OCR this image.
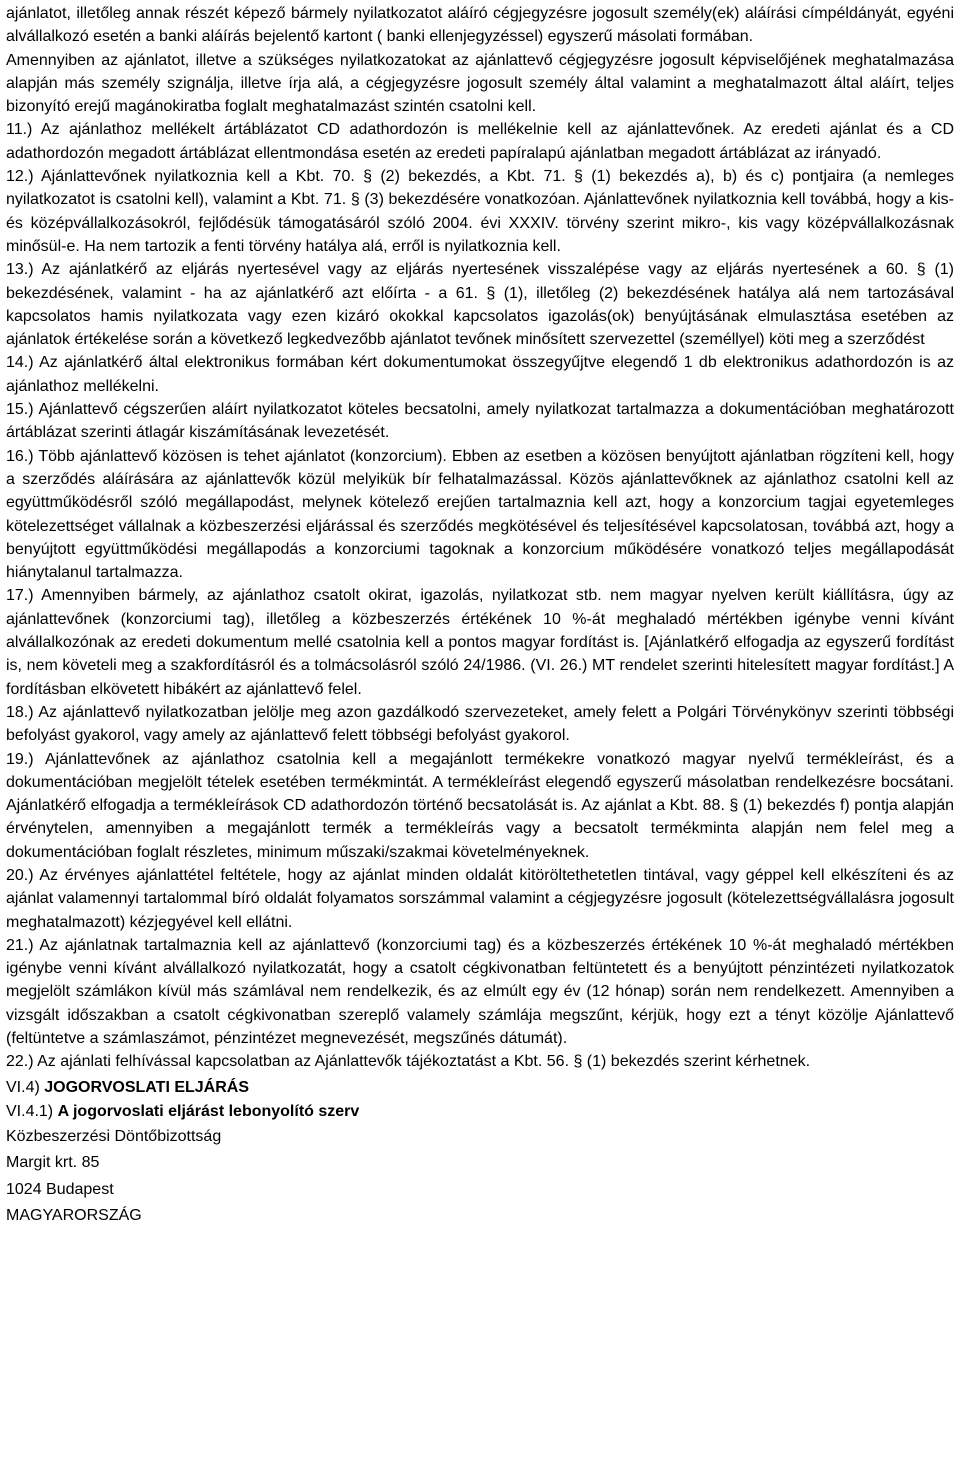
ajánlatot, illetőleg annak részét képező bármely nyilatkozatot aláíró cégjegyzésre jogosult személy(ek) aláírási címpéldányát, egyéni alvállalkozó esetén a banki aláírás bejelentő kartont ( banki ellenjegyzéssel) egyszerű másolati formában.

Amennyiben az ajánlatot, illetve a szükséges nyilatkozatokat az ajánlattevő cégjegyzésre jogosult képviselőjének meghatalmazása alapján más személy szignálja, illetve írja alá, a cégjegyzésre jogosult személy által valamint a meghatalmazott által aláírt, teljes bizonyító erejű magánokiratba foglalt meghatalmazást szintén csatolni kell.

11.) Az ajánlathoz mellékelt ártáblázatot CD adathordozón is mellékelnie kell az ajánlattevőnek. Az eredeti ajánlat és a CD adathordozón megadott ártáblázat ellentmondása esetén az eredeti papíralapú ajánlatban megadott ártáblázat az irányadó.

12.) Ajánlattevőnek nyilatkoznia kell a Kbt. 70. § (2) bekezdés, a Kbt. 71. § (1) bekezdés a), b) és c) pontjaira (a nemleges nyilatkozatot is csatolni kell), valamint a Kbt. 71. § (3) bekezdésére vonatkozóan. Ajánlattevőnek nyilatkoznia kell továbbá, hogy a kis- és középvállalkozásokról, fejlődésük támogatásáról szóló 2004. évi XXXIV. törvény szerint mikro-, kis vagy középvállalkozásnak minősül-e. Ha nem tartozik a fenti törvény hatálya alá, erről is nyilatkoznia kell.

13.) Az ajánlatkérő az eljárás nyertesével vagy az eljárás nyertesének visszalépése vagy az eljárás nyertesének a 60. § (1) bekezdésének, valamint - ha az ajánlatkérő azt előírta - a 61. § (1), illetőleg (2) bekezdésének hatálya alá nem tartozásával kapcsolatos hamis nyilatkozata vagy ezen kizáró okokkal kapcsolatos igazolás(ok) benyújtásának elmulasztása esetében az ajánlatok értékelése során a következő legkedvezőbb ajánlatot tevőnek minősített szervezettel (személlyel) köti meg a szerződést

14.) Az ajánlatkérő által elektronikus formában kért dokumentumokat összegyűjtve elegendő 1 db elektronikus adathordozón is az ajánlathoz mellékelni.

15.) Ajánlattevő cégszerűen aláírt nyilatkozatot köteles becsatolni, amely nyilatkozat tartalmazza a dokumentációban meghatározott ártáblázat szerinti átlagár kiszámításának levezetését.

16.) Több ajánlattevő közösen is tehet ajánlatot (konzorcium). Ebben az esetben a közösen benyújtott ajánlatban rögzíteni kell, hogy a szerződés aláírására az ajánlattevők közül melyikük bír felhatalmazással. Közös ajánlattevőknek az ajánlathoz csatolni kell az együttműködésről szóló megállapodást, melynek kötelező erejűen tartalmaznia kell azt, hogy a konzorcium tagjai egyetemleges kötelezettséget vállalnak a közbeszerzési eljárással és szerződés megkötésével és teljesítésével kapcsolatosan, továbbá azt, hogy a benyújtott együttműködési megállapodás a konzorciumi tagoknak a konzorcium működésére vonatkozó teljes megállapodását hiánytalanul tartalmazza.

17.) Amennyiben bármely, az ajánlathoz csatolt okirat, igazolás, nyilatkozat stb. nem magyar nyelven került kiállításra, úgy az ajánlattevőnek (konzorciumi tag), illetőleg a közbeszerzés értékének 10 %-át meghaladó mértékben igénybe venni kívánt alvállalkozónak az eredeti dokumentum mellé csatolnia kell a pontos magyar fordítást is. [Ajánlatkérő elfogadja az egyszerű fordítást is, nem követeli meg a szakfordításról és a tolmácsolásról szóló 24/1986. (VI. 26.) MT rendelet szerinti hitelesített magyar fordítást.] A fordításban elkövetett hibákért az ajánlattevő felel.

18.) Az ajánlattevő nyilatkozatban jelölje meg azon gazdálkodó szervezeteket, amely felett a Polgári Törvénykönyv szerinti többségi befolyást gyakorol, vagy amely az ajánlattevő felett többségi befolyást gyakorol.

19.) Ajánlattevőnek az ajánlathoz csatolnia kell a megajánlott termékekre vonatkozó magyar nyelvű termékleírást, és a dokumentációban megjelölt tételek esetében termékmintát. A termékleírást elegendő egyszerű másolatban rendelkezésre bocsátani. Ajánlatkérő elfogadja a termékleírások CD adathordozón történő becsatolását is. Az ajánlat a Kbt. 88. § (1) bekezdés f) pontja alapján érvénytelen, amennyiben a megajánlott termék a termékleírás vagy a becsatolt termékminta alapján nem felel meg a dokumentációban foglalt részletes, minimum műszaki/szakmai követelményeknek.

20.) Az érvényes ajánlattétel feltétele, hogy az ajánlat minden oldalát kitöröltethetetlen tintával, vagy géppel kell elkészíteni és az ajánlat valamennyi tartalommal bíró oldalát folyamatos sorszámmal valamint a cégjegyzésre jogosult (kötelezettségvállalásra jogosult meghatalmazott) kézjegyével kell ellátni.

21.) Az ajánlatnak tartalmaznia kell az ajánlattevő (konzorciumi tag) és a közbeszerzés értékének 10 %-át meghaladó mértékben igénybe venni kívánt alvállalkozó nyilatkozatát, hogy a csatolt cégkivonatban feltüntetett és a benyújtott pénzintézeti nyilatkozatok megjelölt számlákon kívül más számlával nem rendelkezik, és az elmúlt egy év (12 hónap) során nem rendelkezett. Amennyiben a vizsgált időszakban a csatolt cégkivonatban szereplő valamely számlája megszűnt, kérjük, hogy ezt a tényt közölje Ajánlattevő (feltüntetve a számlaszámot, pénzintézet megnevezését, megszűnés dátumát).

22.) Az ajánlati felhívással kapcsolatban az Ajánlattevők tájékoztatást a Kbt. 56. § (1) bekezdés szerint kérhetnek.

VI.4) JOGORVOSLATI ELJÁRÁS

VI.4.1) A jogorvoslati eljárást lebonyolító szerv

Közbeszerzési Döntőbizottság

Margit krt. 85

1024 Budapest

MAGYARORSZÁG
